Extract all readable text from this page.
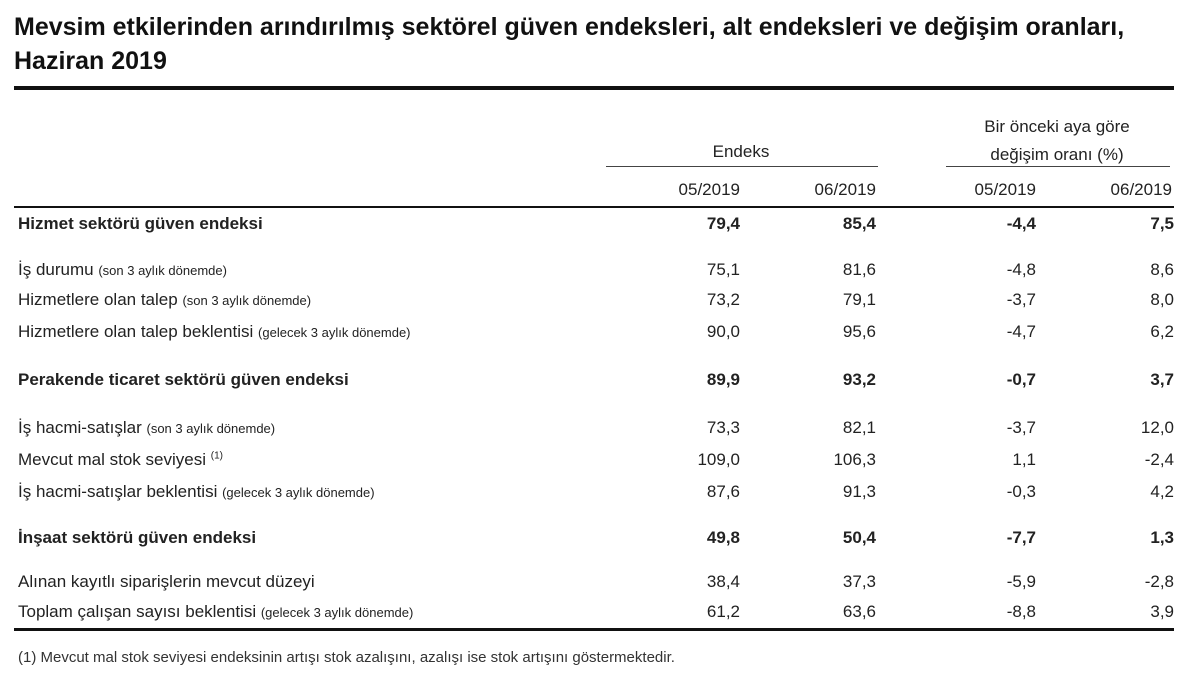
Mevsim etkilerinden arındırılmış sektörel güven endeksleri, alt endeksleri ve değişim oranları, Haziran 2019
Endeks
Bir önceki aya göre
değişim oranı (%)
05/2019	06/2019	05/2019	06/2019
Hizmet sektörü güven endeksi	79,4	85,4	-4,4	7,5
İş durumu (son 3 aylık dönemde)	75,1	81,6	-4,8	8,6
Hizmetlere olan talep (son 3 aylık dönemde)	73,2	79,1	-3,7	8,0
Hizmetlere olan talep beklentisi (gelecek 3 aylık dönemde)	90,0	95,6	-4,7	6,2
Perakende ticaret sektörü güven endeksi	89,9	93,2	-0,7	3,7
İş hacmi-satışlar (son 3 aylık dönemde)	73,3	82,1	-3,7	12,0
Mevcut mal stok seviyesi $^{(1)}$	109,0	106,3	1,1	-2,4
İş hacmi-satışlar beklentisi (gelecek 3 aylık dönemde)	87,6	91,3	-0,3	4,2
İnşaat sektörü güven endeksi	49,8	50,4	-7,7	1,3
Alınan kayıtlı siparişlerin mevcut düzeyi	38,4	37,3	-5,9	-2,8
Toplam çalışan sayısı beklentisi (gelecek 3 aylık dönemde)	61,2	63,6	-8,8	3,9
(1) Mevcut mal stok seviyesi endeksinin artışı stok azalışını, azalışı ise stok artışını göstermektedir.
